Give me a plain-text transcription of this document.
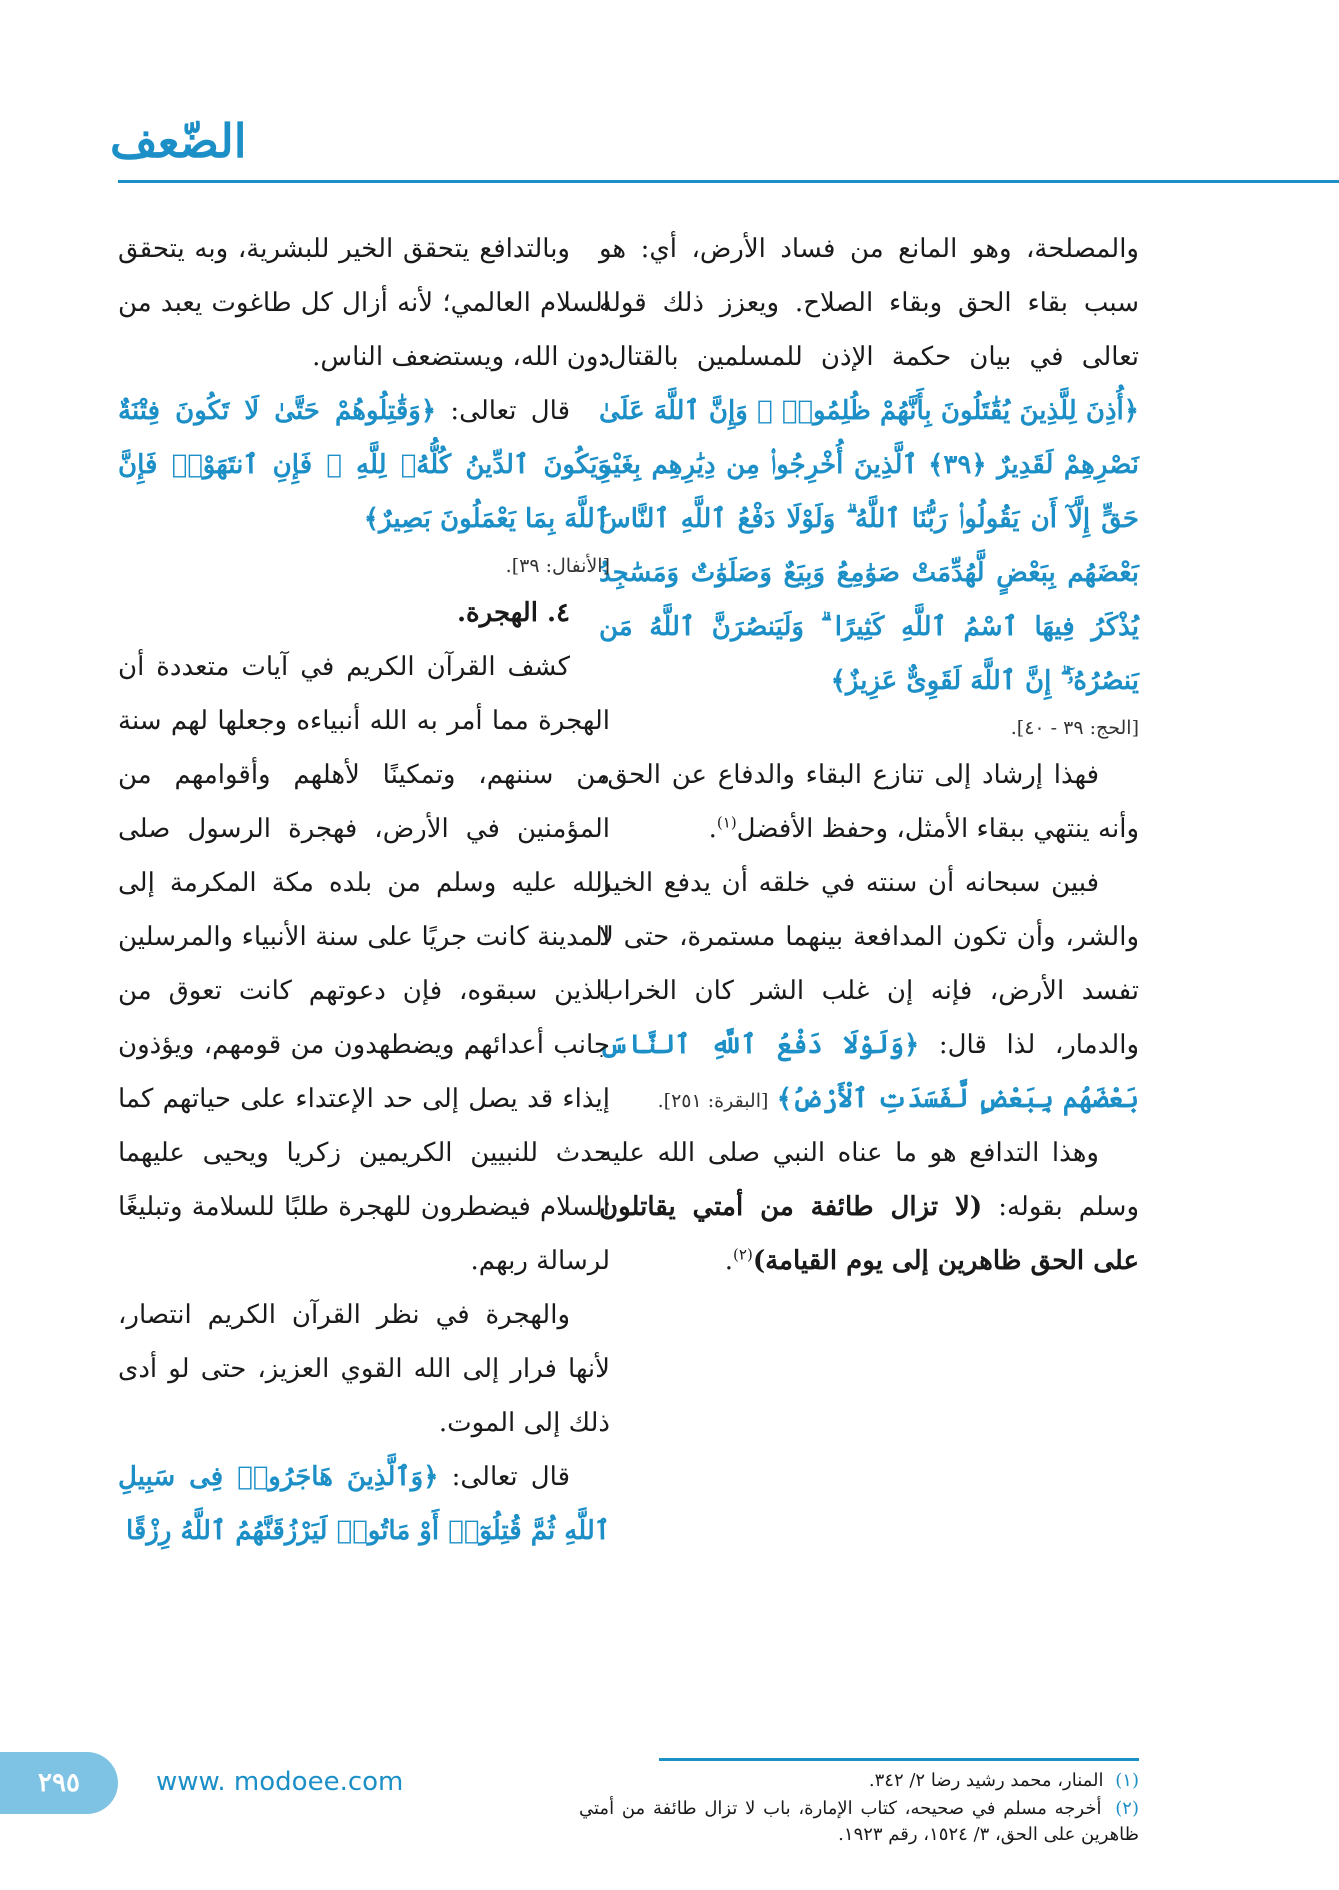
الضّعف

والمصلحة، وهو المانع من فساد الأرض، أي: هو سبب بقاء الحق وبقاء الصلاح. ويعزز ذلك قوله تعالى في بيان حكمة الإذن للمسلمين بالقتال: ﴿أُذِنَ لِلَّذِينَ يُقَٰتَلُونَ بِأَنَّهُمْ ظُلِمُوا۟ ۚ وَإِنَّ ٱللَّهَ عَلَىٰ نَصْرِهِمْ لَقَدِيرٌ ﴿٣٩﴾ ٱلَّذِينَ أُخْرِجُوا۟ مِن دِيَٰرِهِم بِغَيْرِ حَقٍّ إِلَّآ أَن يَقُولُوا۟ رَبُّنَا ٱللَّهُ ۗ وَلَوْلَا دَفْعُ ٱللَّهِ ٱلنَّاسَ بَعْضَهُم بِبَعْضٍ لَّهُدِّمَتْ صَوَٰمِعُ وَبِيَعٌ وَصَلَوَٰتٌ وَمَسَٰجِدُ يُذْكَرُ فِيهَا ٱسْمُ ٱللَّهِ كَثِيرًا ۗ وَلَيَنصُرَنَّ ٱللَّهُ مَن يَنصُرُهُۥٓ ۗ إِنَّ ٱللَّهَ لَقَوِىٌّ عَزِيزٌ﴾

[الحج: ٣٩ - ٤٠].

فهذا إرشاد إلى تنازع البقاء والدفاع عن الحق، وأنه ينتهي ببقاء الأمثل، وحفظ الأفضل$^{(١)}$.

فبين سبحانه أن سنته في خلقه أن يدفع الخير والشر، وأن تكون المدافعة بينهما مستمرة، حتى لا تفسد الأرض، فإنه إن غلب الشر كان الخراب والدمار، لذا قال: ﴿وَلَوْلَا دَفْعُ ٱللَّهِ ٱلنَّاسَ بَعْضَهُم بِبَعْضٍ لَّفَسَدَتِ ٱلْأَرْضُ﴾ [البقرة: ٢٥١].

وهذا التدافع هو ما عناه النبي صلى الله عليه وسلم بقوله: (لا تزال طائفة من أمتي يقاتلون على الحق ظاهرين إلى يوم القيامة)$^{(٢)}$.

وبالتدافع يتحقق الخير للبشرية، وبه يتحقق السلام العالمي؛ لأنه أزال كل طاغوت يعبد من دون الله، ويستضعف الناس.

قال تعالى: ﴿وَقَٰتِلُوهُمْ حَتَّىٰ لَا تَكُونَ فِتْنَةٌ وَيَكُونَ ٱلدِّينُ كُلُّهُۥ لِلَّهِ ۚ فَإِنِ ٱنتَهَوْا۟ فَإِنَّ ٱللَّهَ بِمَا يَعْمَلُونَ بَصِيرٌ﴾

[الأنفال: ٣٩].

٤. الهجرة.

كشف القرآن الكريم في آيات متعددة أن الهجرة مما أمر به الله أنبياءه وجعلها لهم سنة من سننهم، وتمكينًا لأهلهم وأقوامهم من المؤمنين في الأرض، فهجرة الرسول صلى الله عليه وسلم من بلده مكة المكرمة إلى المدينة كانت جريًا على سنة الأنبياء والمرسلين الذين سبقوه، فإن دعوتهم كانت تعوق من جانب أعدائهم ويضطهدون من قومهم، ويؤذون إيذاء قد يصل إلى حد الإعتداء على حياتهم كما حدث للنبيين الكريمين زكريا ويحيى عليهما السلام فيضطرون للهجرة طلبًا للسلامة وتبليغًا لرسالة ربهم.

والهجرة في نظر القرآن الكريم انتصار، لأنها فرار إلى الله القوي العزيز، حتى لو أدى ذلك إلى الموت.

قال تعالى: ﴿وَٱلَّذِينَ هَاجَرُوا۟ فِى سَبِيلِ ٱللَّهِ ثُمَّ قُتِلُوٓا۟ أَوْ مَاتُوا۟ لَيَرْزُقَنَّهُمُ ٱللَّهُ رِزْقًا

(١) المنار، محمد رشيد رضا ٢/ ٣٤٢.

(٢) أخرجه مسلم في صحيحه، كتاب الإمارة، باب لا تزال طائفة من أمتي ظاهرين على الحق، ٣/ ١٥٢٤، رقم ١٩٢٣.

٢٩٥	www. modoee.com
